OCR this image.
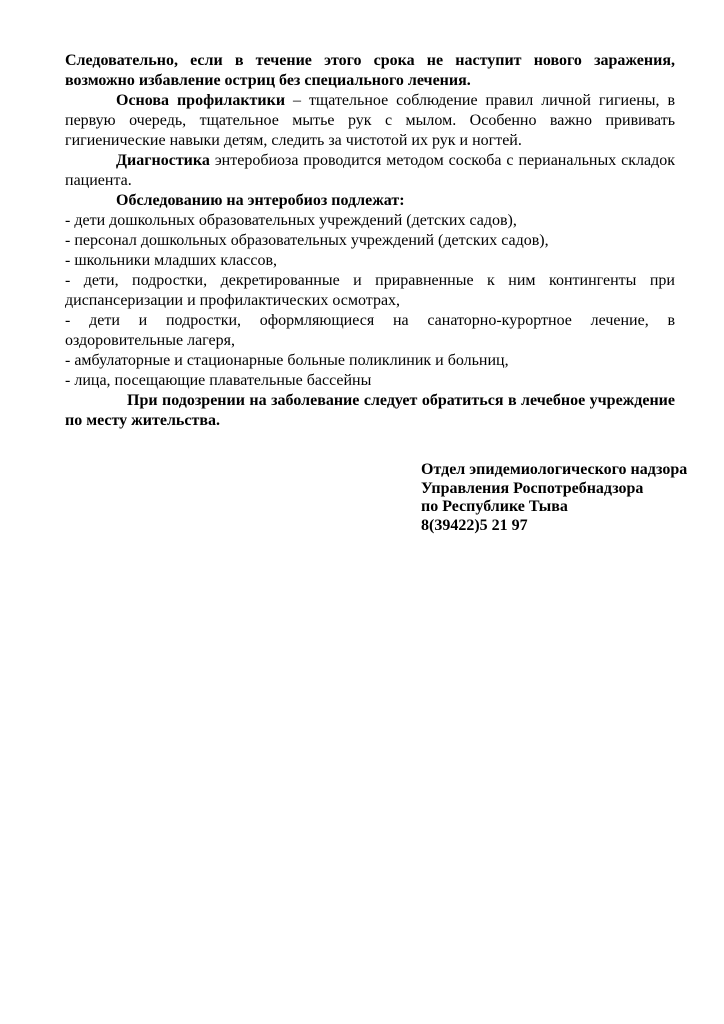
Следовательно, если в течение этого срока не наступит нового заражения, возможно избавление остриц без специального лечения.

Основа профилактики – тщательное соблюдение правил личной гигиены, в первую очередь, тщательное мытье рук с мылом. Особенно важно прививать гигиенические навыки детям, следить за чистотой их рук и ногтей.

Диагностика энтеробиоза проводится методом соскоба с перианальных складок пациента.

Обследованию на энтеробиоз подлежат:

- дети дошкольных образовательных учреждений (детских садов),

- персонал дошкольных образовательных учреждений (детских садов),

- школьники младших классов,

- дети, подростки, декретированные и приравненные к ним контингенты при диспансеризации и профилактических осмотрах,

- дети и подростки, оформляющиеся на санаторно-курортное лечение, в оздоровительные лагеря,

- амбулаторные и стационарные больные поликлиник и больниц,

- лица, посещающие плавательные бассейны

При подозрении на заболевание следует обратиться в лечебное учреждение по месту жительства.

Отдел эпидемиологического надзора
Управления Роспотребнадзора
по Республике Тыва
8(39422)5 21 97
